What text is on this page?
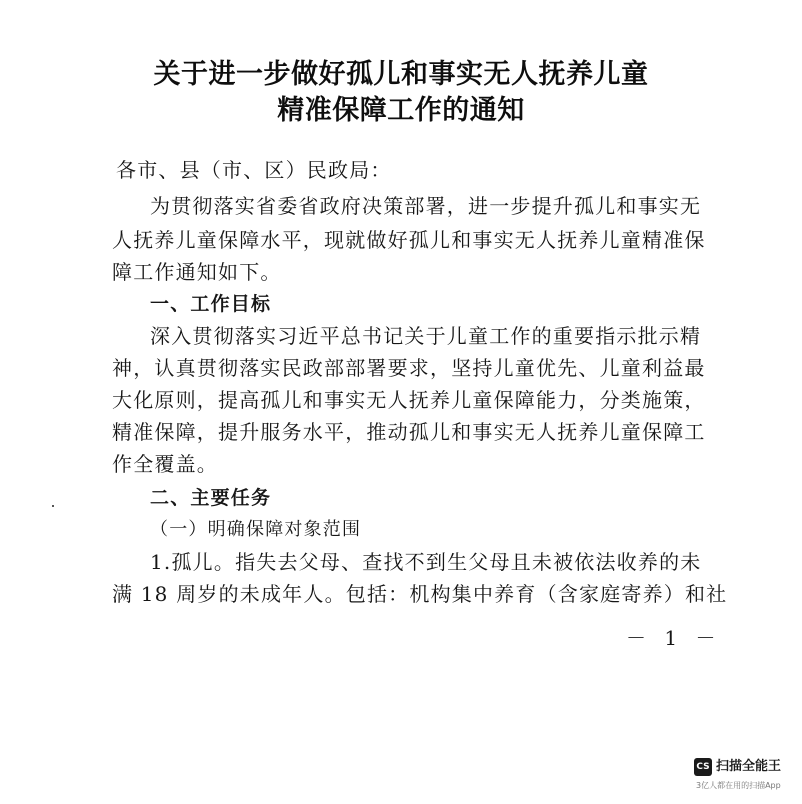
关于进一步做好孤儿和事实无人抚养儿童
精准保障工作的通知
各市、县（市、区）民政局：
为贯彻落实省委省政府决策部署，进一步提升孤儿和事实无
人抚养儿童保障水平，现就做好孤儿和事实无人抚养儿童精准保
障工作通知如下。
一、工作目标
深入贯彻落实习近平总书记关于儿童工作的重要指示批示精
神，认真贯彻落实民政部部署要求，坚持儿童优先、儿童利益最
大化原则，提高孤儿和事实无人抚养儿童保障能力，分类施策，
精准保障，提升服务水平，推动孤儿和事实无人抚养儿童保障工
作全覆盖。
二、主要任务
（一）明确保障对象范围
1.孤儿。指失去父母、查找不到生父母且未被依法收养的未
满 18 周岁的未成年人。包括：机构集中养育（含家庭寄养）和社
－ 1 －
CS 扫描全能王
3亿人都在用的扫描App
